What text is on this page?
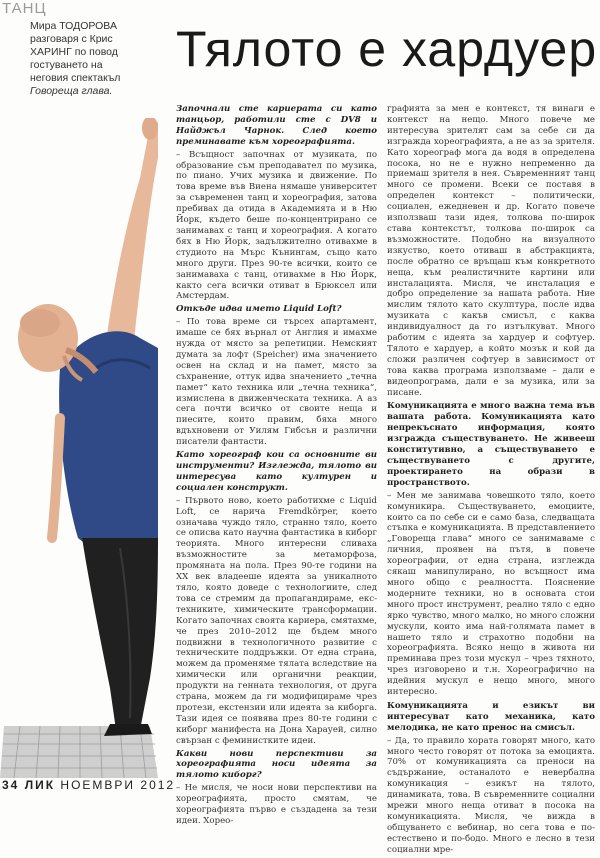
ТАНЦ

Мира ТОДОРОВА

разговаря с Крис

ХАРИНГ по повод

гостуването на

неговия спектакъл

Говореща глава.

Тялото е хардуер

Започнали сте кариерата си като танцьор, работили сте с DV8 и Найджъл Чарнок. След което преминавате към хореографията.

– Всъщност започнах от музиката, по образование съм преподавател по музика, по пиано. Учих музика и движение. По това време във Виена нямаше университет за съвременен танц и хореография, затова пребивах да отида в Академията и в Ню Йорк, където беше по-концентрирано сe занимавах с танц и хореография. А когато бях в Ню Йорк, задължително отивахме в студиото на Мърс Кънингам, също като много други. През 90-те всички, които се занимаваха с танц, отивахме в Ню Йорк, както сега всички отиват в Брюксел или Амстердам.

Откъде идва името Liquid Loft?

– По това време си търсех апартамент, имаше се бях върнал от Англия и имахме нужда от място за репетиции. Немският думата за лофт (Speicher) има значението освен на склад и на памет, място за съхранение, оттук идва значението „течна памет“ като техника или „течна техника“, измислена в движенческата техника. А аз сега почти всичко от своите неща и пиесите, които правим, бяха много вдъхновени от Уилям Гибсън и различни писатели фантасти.

Като хореограф кои са основните ви инструменти? Изглежда, тялото ви интересува като културен и социален конструкт.

– Първото ново, което работихме с Liquid Loft, се нарича Fremdkörper, което означава чуждо тяло, странно тяло, което се описва като научна фантастика в киборг теорията. Много интересни сливаха възможностите за метаморфоза, промяната на пола. През 90-те години на XX век владееше идеята за уникалното тяло, която доведе с технологиите, след това се стремим да пропагандираме, екс-техниките, химическите трансформации. Когато започнах своята кариера, смятахме, че през 2010–2012 ще бъдем много подвижни в технологичното развитие с техническите поддръжки. От една страна, можем да променяме тялата вследствие на химически или органични реакции, продукти на генната технология, от друга страна, можем да ги модифицираме чрез протези, екстензии или идеята за киборга. Тази идея се появява през 80-те години с киборг манифеста на Дона Харауей, силно свързан с феминистките идеи.

Какви нови перспективи за хореографията носи идеята за тялото киборг?

– Не мисля, че носи нови перспективи на хореографията, просто смятам, че хореографията първо е създадена за тези идеи. Хорео-

графията за мен е контекст, тя винаги е контекст на нещо. Много повече ме интересува зрителят сам за себе си да изгражда хореографията, а не аз за зрителя. Като хореограф мога да водя в определена посока, но не е нужно непременно да приемаш зрителя в нея. Съвременният танц много се промени. Всеки се поставя в определен контекст – политически, социален, ежедневен и др. Когато повече използваш тази идея, толкова по-широк става контекстът, толкова по-широк са възможностите. Подобно на визуалното изкуство, което отиваш в абстракцията, после обратно се връщаш към конкретното неща, към реалистичните картини или инсталацията. Мисля, че инсталация е добро определение за нашата работа. Ние мислим тялото като скулптура, после идва музиката с какъв смисъл, с каква индивидуалност да го изтълкуват. Много работим с идеята за хардуер и софтуер. Тялото е хардуер, а който мозък и кой да сложи различен софтуер в зависимост от това каква програма използваме – дали е видеопрограма, дали е за музика, или за писане.

Комуникацията е много важна тема във вашата работа. Комуникацията като непрекъснато информация, която изгражда съществуването. Не живееш конститутивно, а съществуването е съществуването с другите, проектирането на образи в пространството.

– Мен ме занимава човешкото тяло, което комуникира. Съществуването, емоциите, които са по себе си е само база, следващата стъпка е комуникацията. В представлението „Говореща глава“ много се занимаваме с личния, проявен на пътя, в повече хореографии, от една страна, изглежда сякаш манипулирано, но всъщност има много общо с реалността. Пояснение модерните техники, но в основата стои много прост инструмент, реално тяло с едно ярко чувство, много малко, но много сложни мускули, които има най-голямата памет в нашето тяло и страхотно подобни на хореографията. Всяко нещо в живота ни преминава през този мускул – чрез тяхното, чрез изговорено и т.н. Хореографично на идейния мускул е нещо много, много интересно.

Комуникацията и езикът ви интересуват като механика, като мелодика, не като пренос на смисъл.

– Да, то правило хората говорят много, като много често говорят от потока за емоцията. 70% от комуникацията са преноси на съдържание, останалото е невербална комуникация – езикът на тялото, динамиката, това. В съвременните социални мрежи много неща отиват в посока на комуникацията. Мисля, че вижда в общуването с вебинар, но сега това е по-естествено и по-бодо. Много е лесно в тези социални мре-

34 ЛИК НОЕМВРИ 2012
